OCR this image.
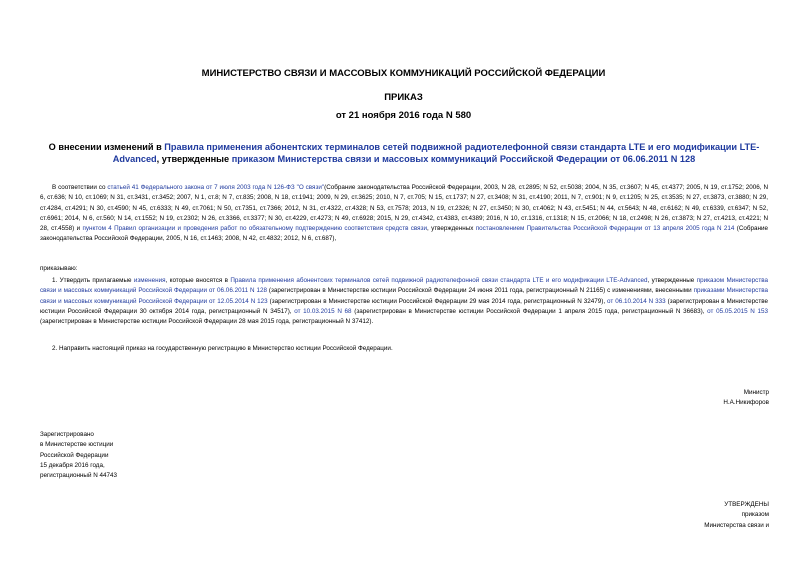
МИНИСТЕРСТВО СВЯЗИ И МАССОВЫХ КОММУНИКАЦИЙ РОССИЙСКОЙ ФЕДЕРАЦИИ
ПРИКАЗ
от 21 ноября 2016 года N 580
О внесении изменений в Правила применения абонентских терминалов сетей подвижной радиотелефонной связи стандарта LTE и его модификации LTE-Advanced, утвержденные приказом Министерства связи и массовых коммуникаций Российской Федерации от 06.06.2011 N 128
В соответствии со статьей 41 Федерального закона от 7 июля 2003 года N 126-ФЗ "О связи"(Собрание законодательства Российской Федерации, 2003, N 28, ст.2895; N 52, ст.5038; 2004, N 35, ст.3607; N 45, ст.4377; 2005, N 19, ст.1752; 2006, N 6, ст.636; N 10, ст.1069; N 31, ст.3431, ст.3452; 2007, N 1, ст.8; N 7, ст.835; 2008, N 18, ст.1941; 2009, N 29, ст.3625; 2010, N 7, ст.705; N 15, ст.1737; N 27, ст.3408; N 31, ст.4190; 2011, N 7, ст.901; N 9, ст.1205; N 25, ст.3535; N 27, ст.3873, ст.3880; N 29, ст.4284, ст.4291; N 30, ст.4590; N 45, ст.6333; N 49, ст.7061; N 50, ст.7351, ст.7366; 2012, N 31, ст.4322, ст.4328; N 53, ст.7578; 2013, N 19, ст.2326; N 27, ст.3450; N 30, ст.4062; N 43, ст.5451; N 44, ст.5643; N 48, ст.6162; N 49, ст.6339, ст.6347; N 52, ст.6961; 2014, N 6, ст.560; N 14, ст.1552; N 19, ст.2302; N 26, ст.3366, ст.3377; N 30, ст.4229, ст.4273; N 49, ст.6928; 2015, N 29, ст.4342, ст.4383, ст.4389; 2016, N 10, ст.1316, ст.1318; N 15, ст.2066; N 18, ст.2498; N 26, ст.3873; N 27, ст.4213, ст.4221; N 28, ст.4558) и пунктом 4 Правил организации и проведения работ по обязательному подтверждению соответствия средств связи, утвержденных постановлением Правительства Российской Федерации от 13 апреля 2005 года N 214 (Собрание законодательства Российской Федерации, 2005, N 16, ст.1463; 2008, N 42, ст.4832; 2012, N 6, ст.687),
приказываю:
1. Утвердить прилагаемые изменения, которые вносятся в Правила применения абонентских терминалов сетей подвижной радиотелефонной связи стандарта LTE и его модификации LTE-Advanced, утвержденные приказом Министерства связи и массовых коммуникаций Российской Федерации от 06.06.2011 N 128 (зарегистрирован в Министерстве юстиции Российской Федерации 24 июня 2011 года, регистрационный N 21165) с изменениями, внесенными приказами Министерства связи и массовых коммуникаций Российской Федерации от 12.05.2014 N 123 (зарегистрирован в Министерстве юстиции Российской Федерации 29 мая 2014 года, регистрационный N 32479), от 06.10.2014 N 333 (зарегистрирован в Министерстве юстиции Российской Федерации 30 октября 2014 года, регистрационный N 34517), от 10.03.2015 N 68 (зарегистрирован в Министерстве юстиции Российской Федерации 1 апреля 2015 года, регистрационный N 36683), от 05.05.2015 N 153 (зарегистрирован в Министерстве юстиции Российской Федерации 28 мая 2015 года, регистрационный N 37412).
2. Направить настоящий приказ на государственную регистрацию в Министерство юстиции Российской Федерации.
Министр
Н.А.Никифоров
Зарегистрировано
в Министерстве юстиции
Российской Федерации
15 декабря 2016 года,
регистрационный N 44743
УТВЕРЖДЕНЫ
приказом
Министерства связи и
